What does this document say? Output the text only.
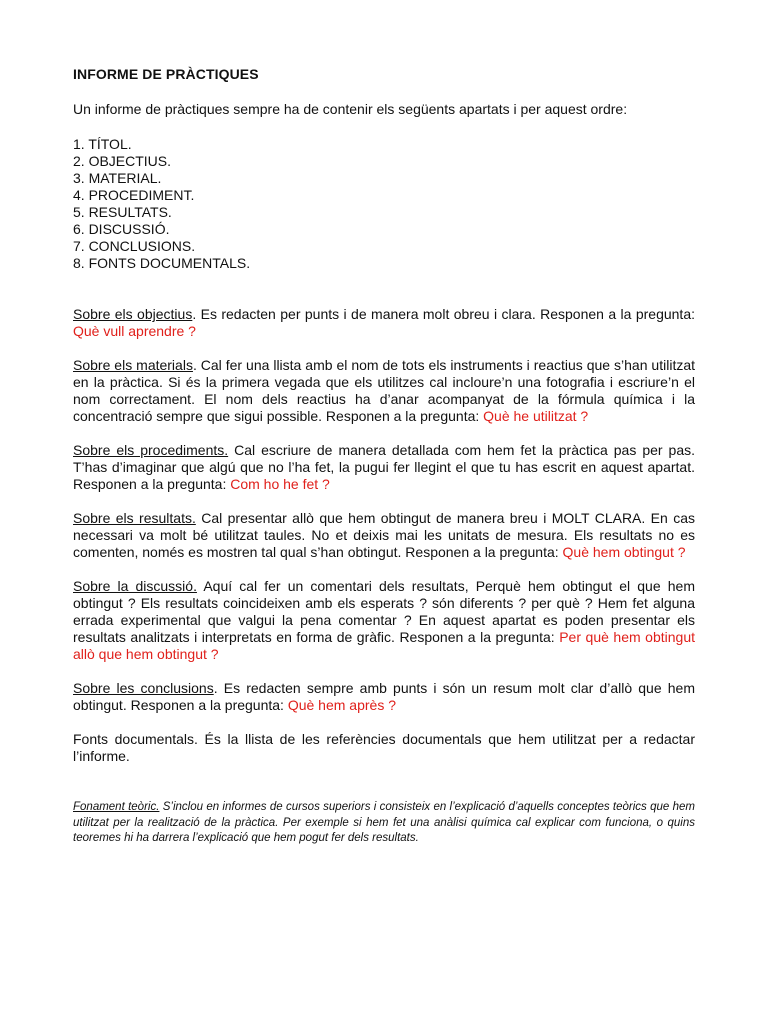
INFORME DE PRÀCTIQUES

Un informe de pràctiques sempre ha de contenir els següents apartats i per aquest ordre:

1. TÍTOL.
2. OBJECTIUS.
3. MATERIAL.
4. PROCEDIMENT.
5. RESULTATS.
6. DISCUSSIÓ.
7. CONCLUSIONS.
8. FONTS DOCUMENTALS.

Sobre els objectius. Es redacten per punts i de manera molt obreu i clara. Responen a la pregunta: Què vull aprendre ?

Sobre els materials. Cal fer una llista amb el nom de tots els instruments i reactius que s’han utilitzat en la pràctica. Si és la primera vegada que els utilitzes cal incloure’n una fotografia i escriure’n el nom correctament. El nom dels reactius ha d’anar acompanyat de la fórmula química i la concentració sempre que sigui possible. Responen a la pregunta: Què he utilitzat ?

Sobre els procediments. Cal escriure de manera detallada com hem fet la pràctica pas per pas. T’has d’imaginar que algú que no l’ha fet, la pugui fer llegint el que tu has escrit en aquest apartat. Responen a la pregunta: Com ho he fet ?

Sobre els resultats. Cal presentar allò que hem obtingut de manera breu i MOLT CLARA. En cas necessari va molt bé utilitzat taules. No et deixis mai les unitats de mesura. Els resultats no es comenten, només es mostren tal qual s’han obtingut. Responen a la pregunta: Què hem obtingut ?

Sobre la discussió. Aquí cal fer un comentari dels resultats, Perquè hem obtingut el que hem obtingut ? Els resultats coincideixen amb els esperats ? són diferents ? per què ? Hem fet alguna errada experimental que valgui la pena comentar ? En aquest apartat es poden presentar els resultats analitzats i interpretats en forma de gràfic. Responen a la pregunta: Per què hem obtingut allò que hem obtingut ?

Sobre les conclusions. Es redacten sempre amb punts i són un resum molt clar d’allò que hem obtingut. Responen a la pregunta: Què hem après ?

Fonts documentals. És la llista de les referències documentals que hem utilitzat per a redactar l’informe.

Fonament teòric. S’inclou en informes de cursos superiors i consisteix en l’explicació d’aquells conceptes teòrics que hem utilitzat per la realització de la pràctica. Per exemple si hem fet una anàlisi química cal explicar com funciona, o quins teoremes hi ha darrera l’explicació que hem pogut fer dels resultats.
